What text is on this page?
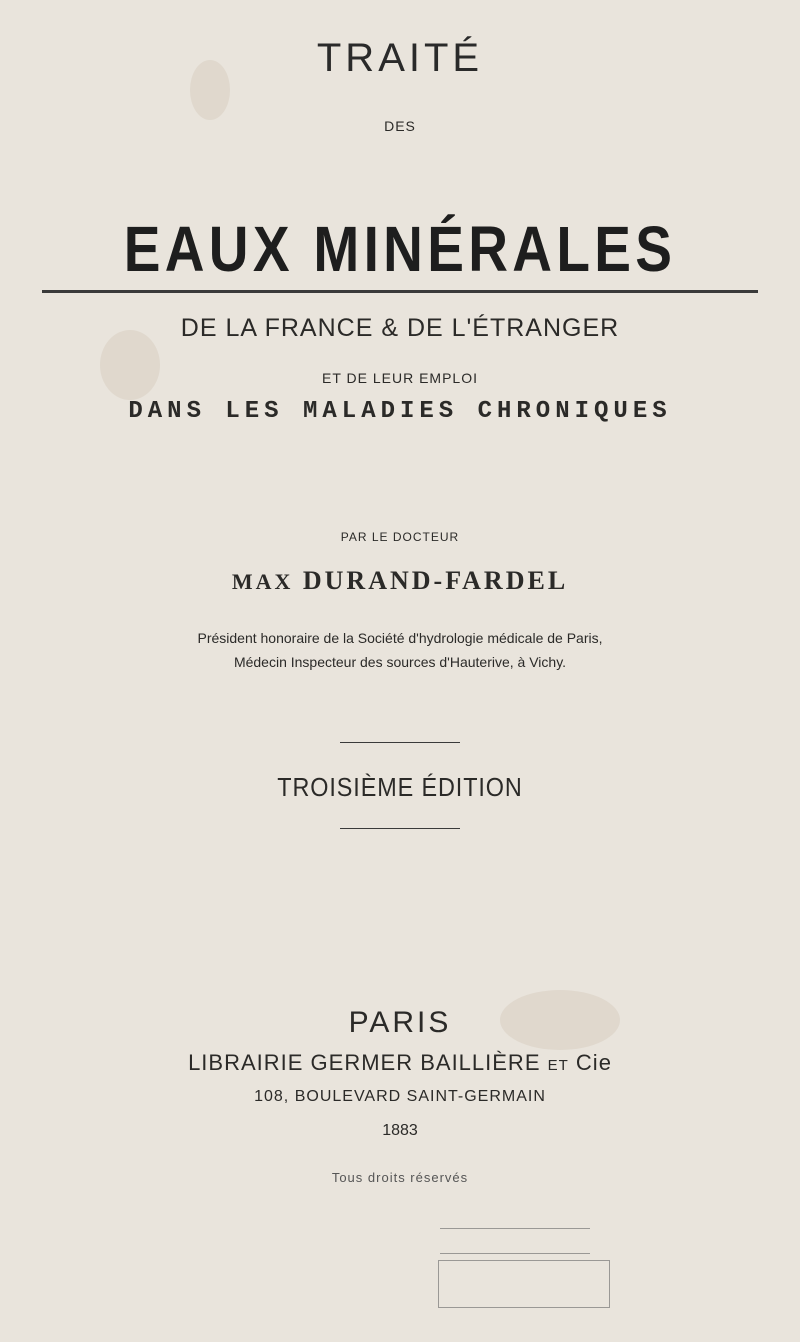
TRAITÉ
DES
EAUX MINÉRALES
DE LA FRANCE & DE L'ÉTRANGER
ET DE LEUR EMPLOI
DANS LES MALADIES CHRONIQUES
PAR LE DOCTEUR
MAX DURAND-FARDEL
Président honoraire de la Société d'hydrologie médicale de Paris,
Médecin Inspecteur des sources d'Hauterive, à Vichy.
TROISIÈME ÉDITION
PARIS
LIBRAIRIE GERMER BAILLIÈRE ET Cie
108, BOULEVARD SAINT-GERMAIN
1883
Tous droits réservés
